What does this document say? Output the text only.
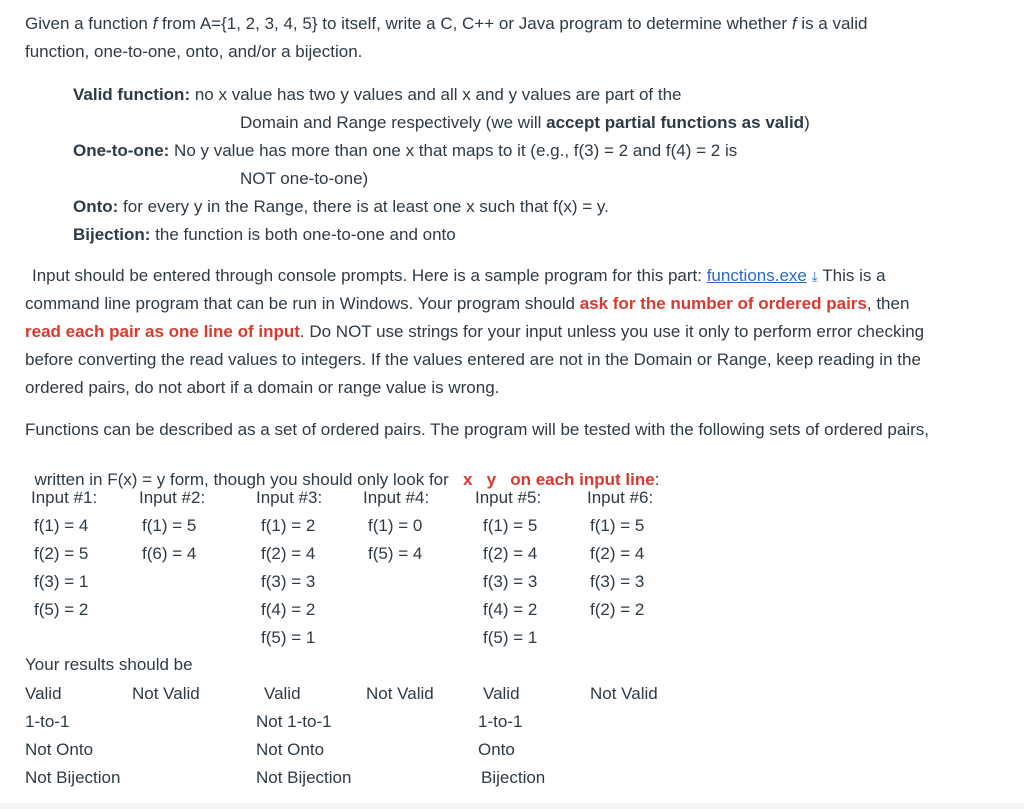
Given a function f from A={1, 2, 3, 4, 5} to itself, write a C, C++ or Java program to determine whether f is a valid
function, one-to-one, onto, and/or a bijection.
Valid function: no x value has two y values and all x and y values are part of the
Domain and Range respectively (we will accept partial functions as valid)
One-to-one: No y value has more than one x that maps to it (e.g., f(3) = 2 and f(4) = 2 is
NOT one-to-one)
Onto: for every y in the Range, there is at least one x such that f(x) = y.
Bijection: the function is both one-to-one and onto
Input should be entered through console prompts. Here is a sample program for this part: functions.exe ⤓ This is a
command line program that can be run in Windows. Your program should ask for the number of ordered pairs, then
read each pair as one line of input. Do NOT use strings for your input unless you use it only to perform error checking
before converting the read values to integers. If the values entered are not in the Domain or Range, keep reading in the
ordered pairs, do not abort if a domain or range value is wrong.
Functions can be described as a set of ordered pairs. The program will be tested with the following sets of ordered pairs,

written in F(x) = y form, though you should only look for   x   y   on each input line:

Input #1:
f(1) = 4
f(2) = 5
f(3) = 1
f(5) = 2
Input #2:
f(1) = 5
f(6) = 4
Input #3:
f(1) = 2
f(2) = 4
f(3) = 3
f(4) = 2
f(5) = 1
Input #4:
f(1) = 0
f(5) = 4
Input #5:
f(1) = 5
f(2) = 4
f(3) = 3
f(4) = 2
f(5) = 1
Input #6:
f(1) = 5
f(2) = 4
f(3) = 3
f(2) = 2
Your results should be
Valid
1-to-1
Not Onto
Not Bijection
Not Valid	Valid
Not 1-to-1
Not Onto
Not Bijection
Not Valid	Valid
1-to-1
Onto
Bijection
Not Valid
